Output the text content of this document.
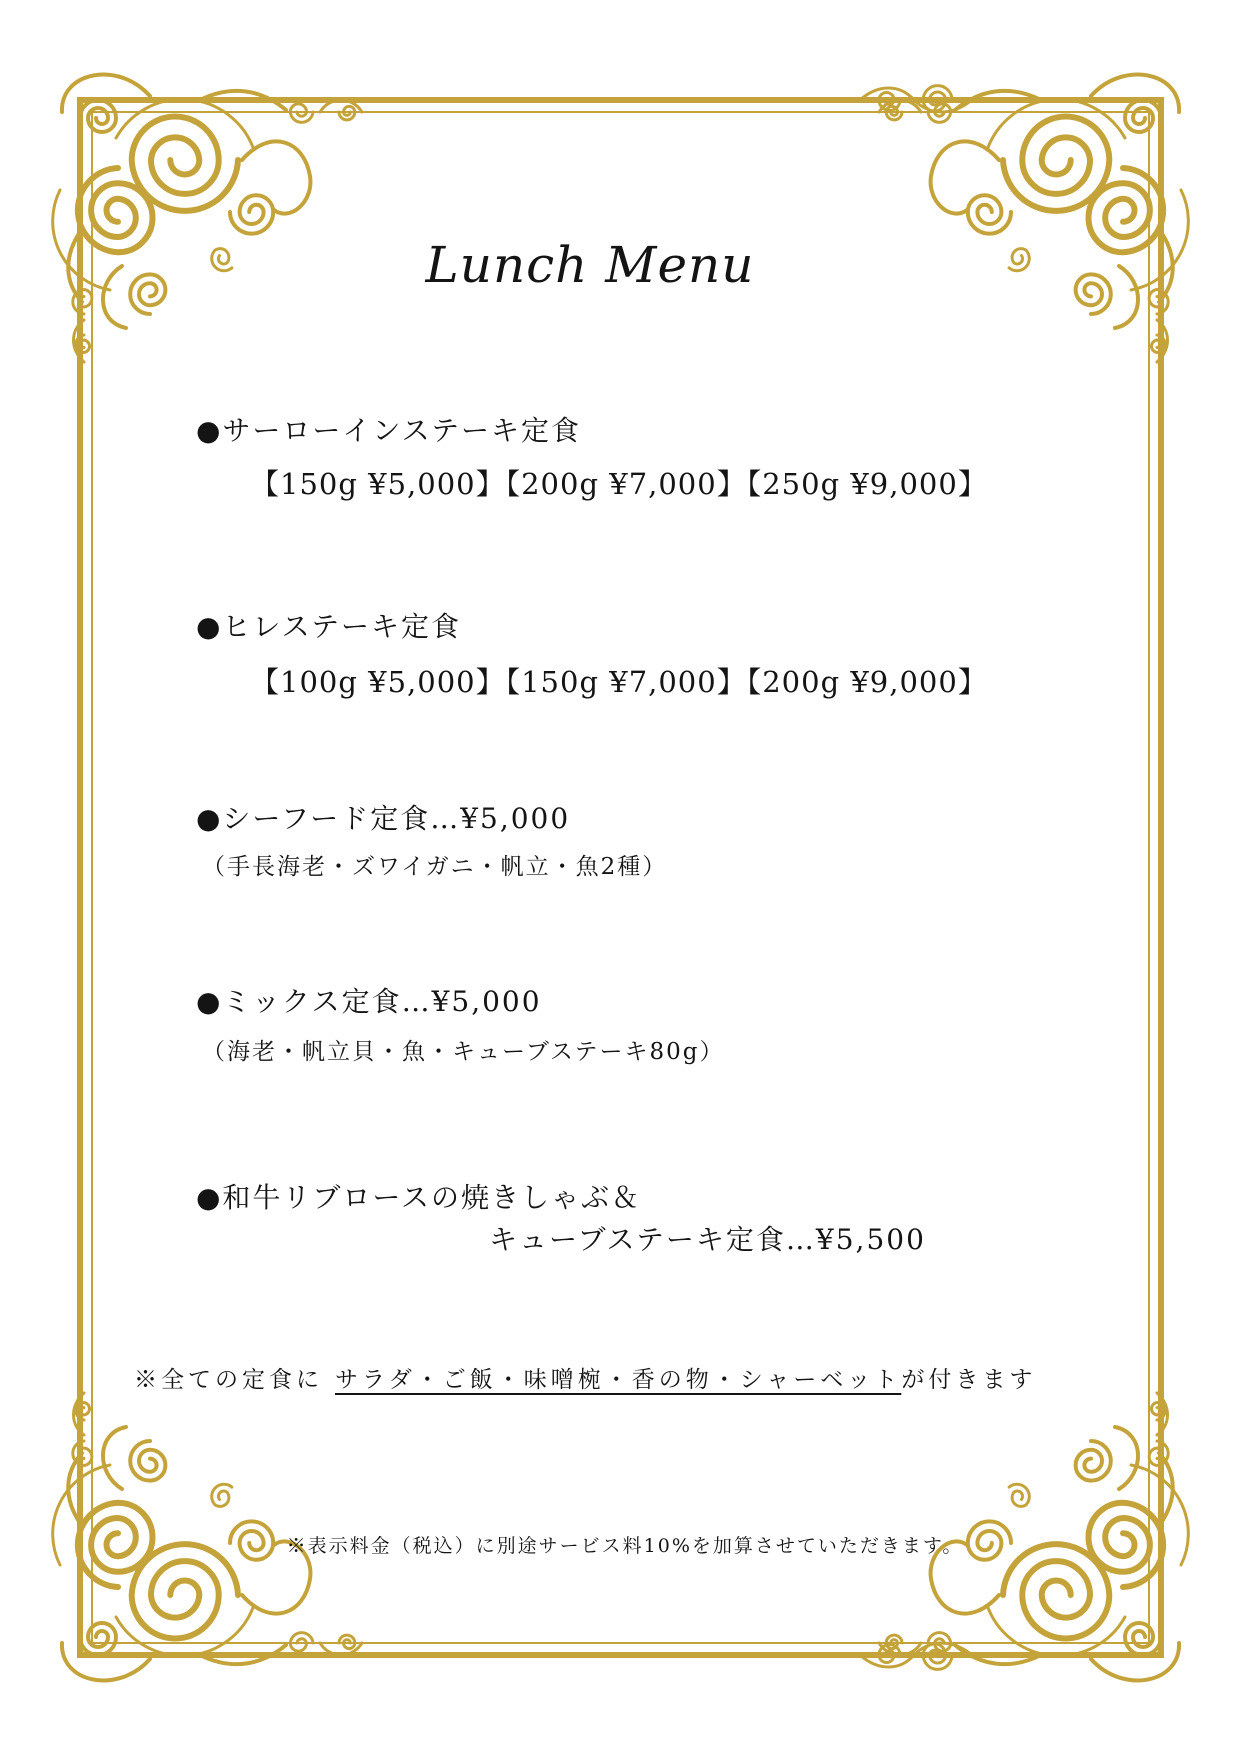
Lunch Menu
●サーローインステーキ定食
【150g ¥5,000】【200g ¥7,000】【250g ¥9,000】
●ヒレステーキ定食
【100g ¥5,000】【150g ¥7,000】【200g ¥9,000】
●シーフード定食…¥5,000
（手長海老・ズワイガニ・帆立・魚2種）
●ミックス定食…¥5,000
（海老・帆立貝・魚・キューブステーキ80g）
●和牛リブロースの焼きしゃぶ＆
キューブステーキ定食…¥5,500
※全ての定食に サラダ・ご飯・味噌椀・香の物・シャーベットが付きます
※表示料金（税込）に別途サービス料10%を加算させていただきます。
